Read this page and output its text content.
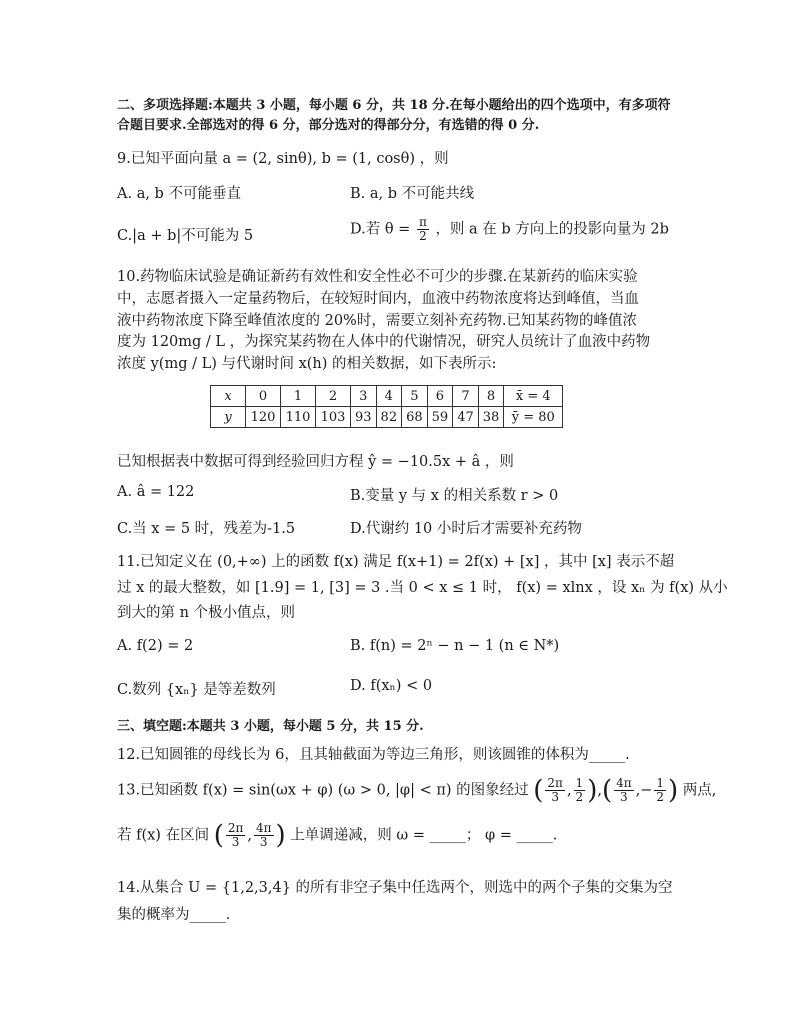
二、多项选择题:本题共 3 小题，每小题 6 分，共 18 分.在每小题给出的四个选项中，有多项符
合题目要求.全部选对的得 6 分，部分选对的得部分分，有选错的得 0 分.
9.已知平面向量 a = (2, sinθ), b = (1, cosθ) ，则
A. a, b 不可能垂直	B. a, b 不可能共线
C.|a + b|不可能为 5	D.若 $\theta = \frac{\pi}{2}$ ，则 a 在 b 方向上的投影向量为 2b
10.药物临床试验是确证新药有效性和安全性必不可少的步骤.在某新药的临床实验
中，志愿者摄入一定量药物后，在较短时间内，血液中药物浓度将达到峰值，当血
液中药物浓度下降至峰值浓度的 20%时，需要立刻补充药物.已知某药物的峰值浓
度为 120mg / L ，为探究某药物在人体中的代谢情况，研究人员统计了血液中药物
浓度 y(mg / L) 与代谢时间 x(h) 的相关数据，如下表所示:
x	0	1	2	3	4	5	6	7	8	x̄ = 4
y	120	110	103	93	82	68	59	47	38	ȳ = 80
已知根据表中数据可得到经验回归方程 ŷ = −10.5x + â ，则
A. â = 122	B.变量 y 与 x 的相关系数 r > 0
C.当 x = 5 时，残差为-1.5	D.代谢约 10 小时后才需要补充药物
11.已知定义在 (0,+∞) 上的函数 f(x) 满足 f(x+1) = 2f(x) + [x] ，其中 [x] 表示不超
过 x 的最大整数，如 [1.9] = 1, [3] = 3 .当 0 < x ≤ 1 时， f(x) = xlnx ，设 xₙ 为 f(x) 从小
到大的第 n 个极小值点，则
A. f(2) = 2	B. f(n) = 2ⁿ − n − 1 (n ∈ N*)
C.数列 {xₙ} 是等差数列	D. f(xₙ) < 0
三、填空题:本题共 3 小题，每小题 5 分，共 15 分.
12.已知圆锥的母线长为 6，且其轴截面为等边三角形，则该圆锥的体积为_____.
13.已知函数 f(x) = sin(ωx + φ) (ω > 0, |φ| < π) 的图象经过 ( $\frac{2\pi}{3}$ , $\frac{1}{2}$ ),( $\frac{4\pi}{3}$ ,− $\frac{1}{2}$ ) 两点,
若 f(x) 在区间 ( $\frac{2\pi}{3}$ , $\frac{4\pi}{3}$ ) 上单调递减，则 ω = _____； φ = _____.
14.从集合 U = {1,2,3,4} 的所有非空子集中任选两个，则选中的两个子集的交集为空
集的概率为_____.
